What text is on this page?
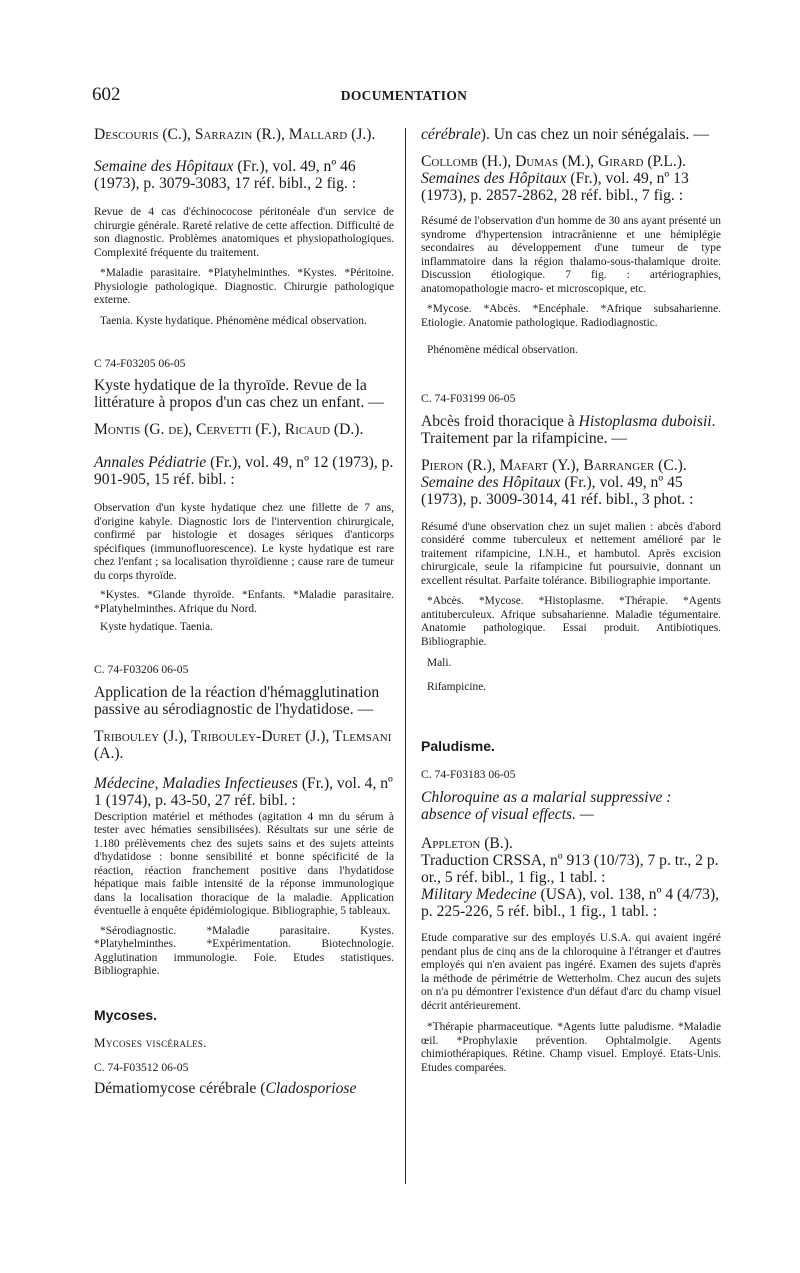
602	DOCUMENTATION

Descouris (C.), Sarrazin (R.), Mallard (J.).

Semaine des Hôpitaux (Fr.), vol. 49, nº 46 (1973), p. 3079-3083, 17 réf. bibl., 2 fig. :

Revue de 4 cas d'échinococose péritonéale d'un service de chirurgie générale. Rareté relative de cette affection. Difficulté de son diagnostic. Problèmes anatomiques et physiopathologiques. Complexité fréquente du traitement.

*Maladie parasitaire. *Platyhelminthes. *Kystes. *Péritoine. Physiologie pathologique. Diagnostic. Chirurgie pathologique externe.

Taenia. Kyste hydatique. Phénomène médical observation.

C 74-F03205 06-05

Kyste hydatique de la thyroïde. Revue de la littérature à propos d'un cas chez un enfant. —

Montis (G. de), Cervetti (F.), Ricaud (D.).

Annales Pédiatrie (Fr.), vol. 49, nº 12 (1973), p. 901-905, 15 réf. bibl. :

Observation d'un kyste hydatique chez une fillette de 7 ans, d'origine kabyle. Diagnostic lors de l'intervention chirurgicale, confirmé par histologie et dosages sériques d'anticorps spécifiques (immunofluorescence). Le kyste hydatique est rare chez l'enfant ; sa localisation thyroïdienne ; cause rare de tumeur du corps thyroïde.

*Kystes. *Glande thyroïde. *Enfants. *Maladie parasitaire. *Platyhelminthes. Afrique du Nord.

Kyste hydatique. Taenia.

C. 74-F03206 06-05

Application de la réaction d'hémagglutination passive au sérodiagnostic de l'hydatidose. —

Tribouley (J.), Tribouley-Duret (J.), Tlemsani (A.).

Médecine, Maladies Infectieuses (Fr.), vol. 4, nº 1 (1974), p. 43-50, 27 réf. bibl. :

Description matériel et méthodes (agitation 4 mn du sérum à tester avec hématies sensibilisées). Résultats sur une série de 1.180 prélèvements chez des sujets sains et des sujets atteints d'hydatidose : bonne sensibilité et bonne spécificité de la réaction, réaction franchement positive dans l'hydatidose hépatique mais faible intensité de la réponse immunologique dans la localisation thoracique de la maladie. Application éventuelle à enquête épidémiologique. Bibliographie, 5 tableaux.

*Sérodiagnostic. *Maladie parasitaire. Kystes. *Platyhelminthes. *Expérimentation. Biotechnologie. Agglutination immunologie. Foie. Etudes statistiques. Bibliographie.

Mycoses.

Mycoses viscérales.

C. 74-F03512 06-05

Dématiomycose cérébrale (Cladosporiose

cérébrale). Un cas chez un noir sénégalais. —

Collomb (H.), Dumas (M.), Girard (P.L.).

Semaines des Hôpitaux (Fr.), vol. 49, nº 13 (1973), p. 2857-2862, 28 réf. bibl., 7 fig. :

Résumé de l'observation d'un homme de 30 ans ayant présenté un syndrome d'hypertension intracrânienne et une hémiplégie secondaires au développement d'une tumeur de type inflammatoire dans la région thalamo-sous-thalamique droite. Discussion étiologique. 7 fig. : artériographies, anatomopathologie macro- et microscopique, etc.

*Mycose. *Abcès. *Encéphale. *Afrique subsaharienne. Etiologie. Anatomie pathologique. Radiodiagnostic.

Phénomène médical observation.

C. 74-F03199 06-05

Abcès froid thoracique à Histoplasma duboisii. Traitement par la rifampicine. —

Pieron (R.), Mafart (Y.), Barranger (C.).

Semaine des Hôpitaux (Fr.), vol. 49, nº 45 (1973), p. 3009-3014, 41 réf. bibl., 3 phot. :

Résumé d'une observation chez un sujet malien : abcès d'abord considéré comme tuberculeux et nettement amélioré par le traitement rifampicine, I.N.H., et hambutol. Après excision chirurgicale, seule la rifampicine fut poursuivie, donnant un excellent résultat. Parfaite tolérance. Bibiliographie importante.

*Abcès. *Mycose. *Histoplasme. *Thérapie. *Agents antituberculeux. Afrique subsaharienne. Maladie tégumentaire. Anatomie pathologique. Essai produit. Antibiotiques. Bibliographie.

Mali.

Rifampicine.

Paludisme.

C. 74-F03183 06-05

Chloroquine as a malarial suppressive : absence of visual effects. —

Appleton (B.).

Traduction CRSSA, nº 913 (10/73), 7 p. tr., 2 p. or., 5 réf. bibl., 1 fig., 1 tabl. :

Military Medecine (USA), vol. 138, nº 4 (4/73), p. 225-226, 5 réf. bibl., 1 fig., 1 tabl. :

Etude comparative sur des employés U.S.A. qui avaient ingéré pendant plus de cinq ans de la chloroquine à l'étranger et d'autres employés qui n'en avaient pas ingéré. Examen des sujets d'après la méthode de périmétrie de Wetterholm. Chez aucun des sujets on n'a pu démontrer l'existence d'un défaut d'arc du champ visuel décrit antérieurement.

*Thérapie pharmaceutique. *Agents lutte paludisme. *Maladie œil. *Prophylaxie prévention. Ophtalmolgie. Agents chimiothérapiques. Rétine. Champ visuel. Employé. Etats-Unis. Etudes comparées.
